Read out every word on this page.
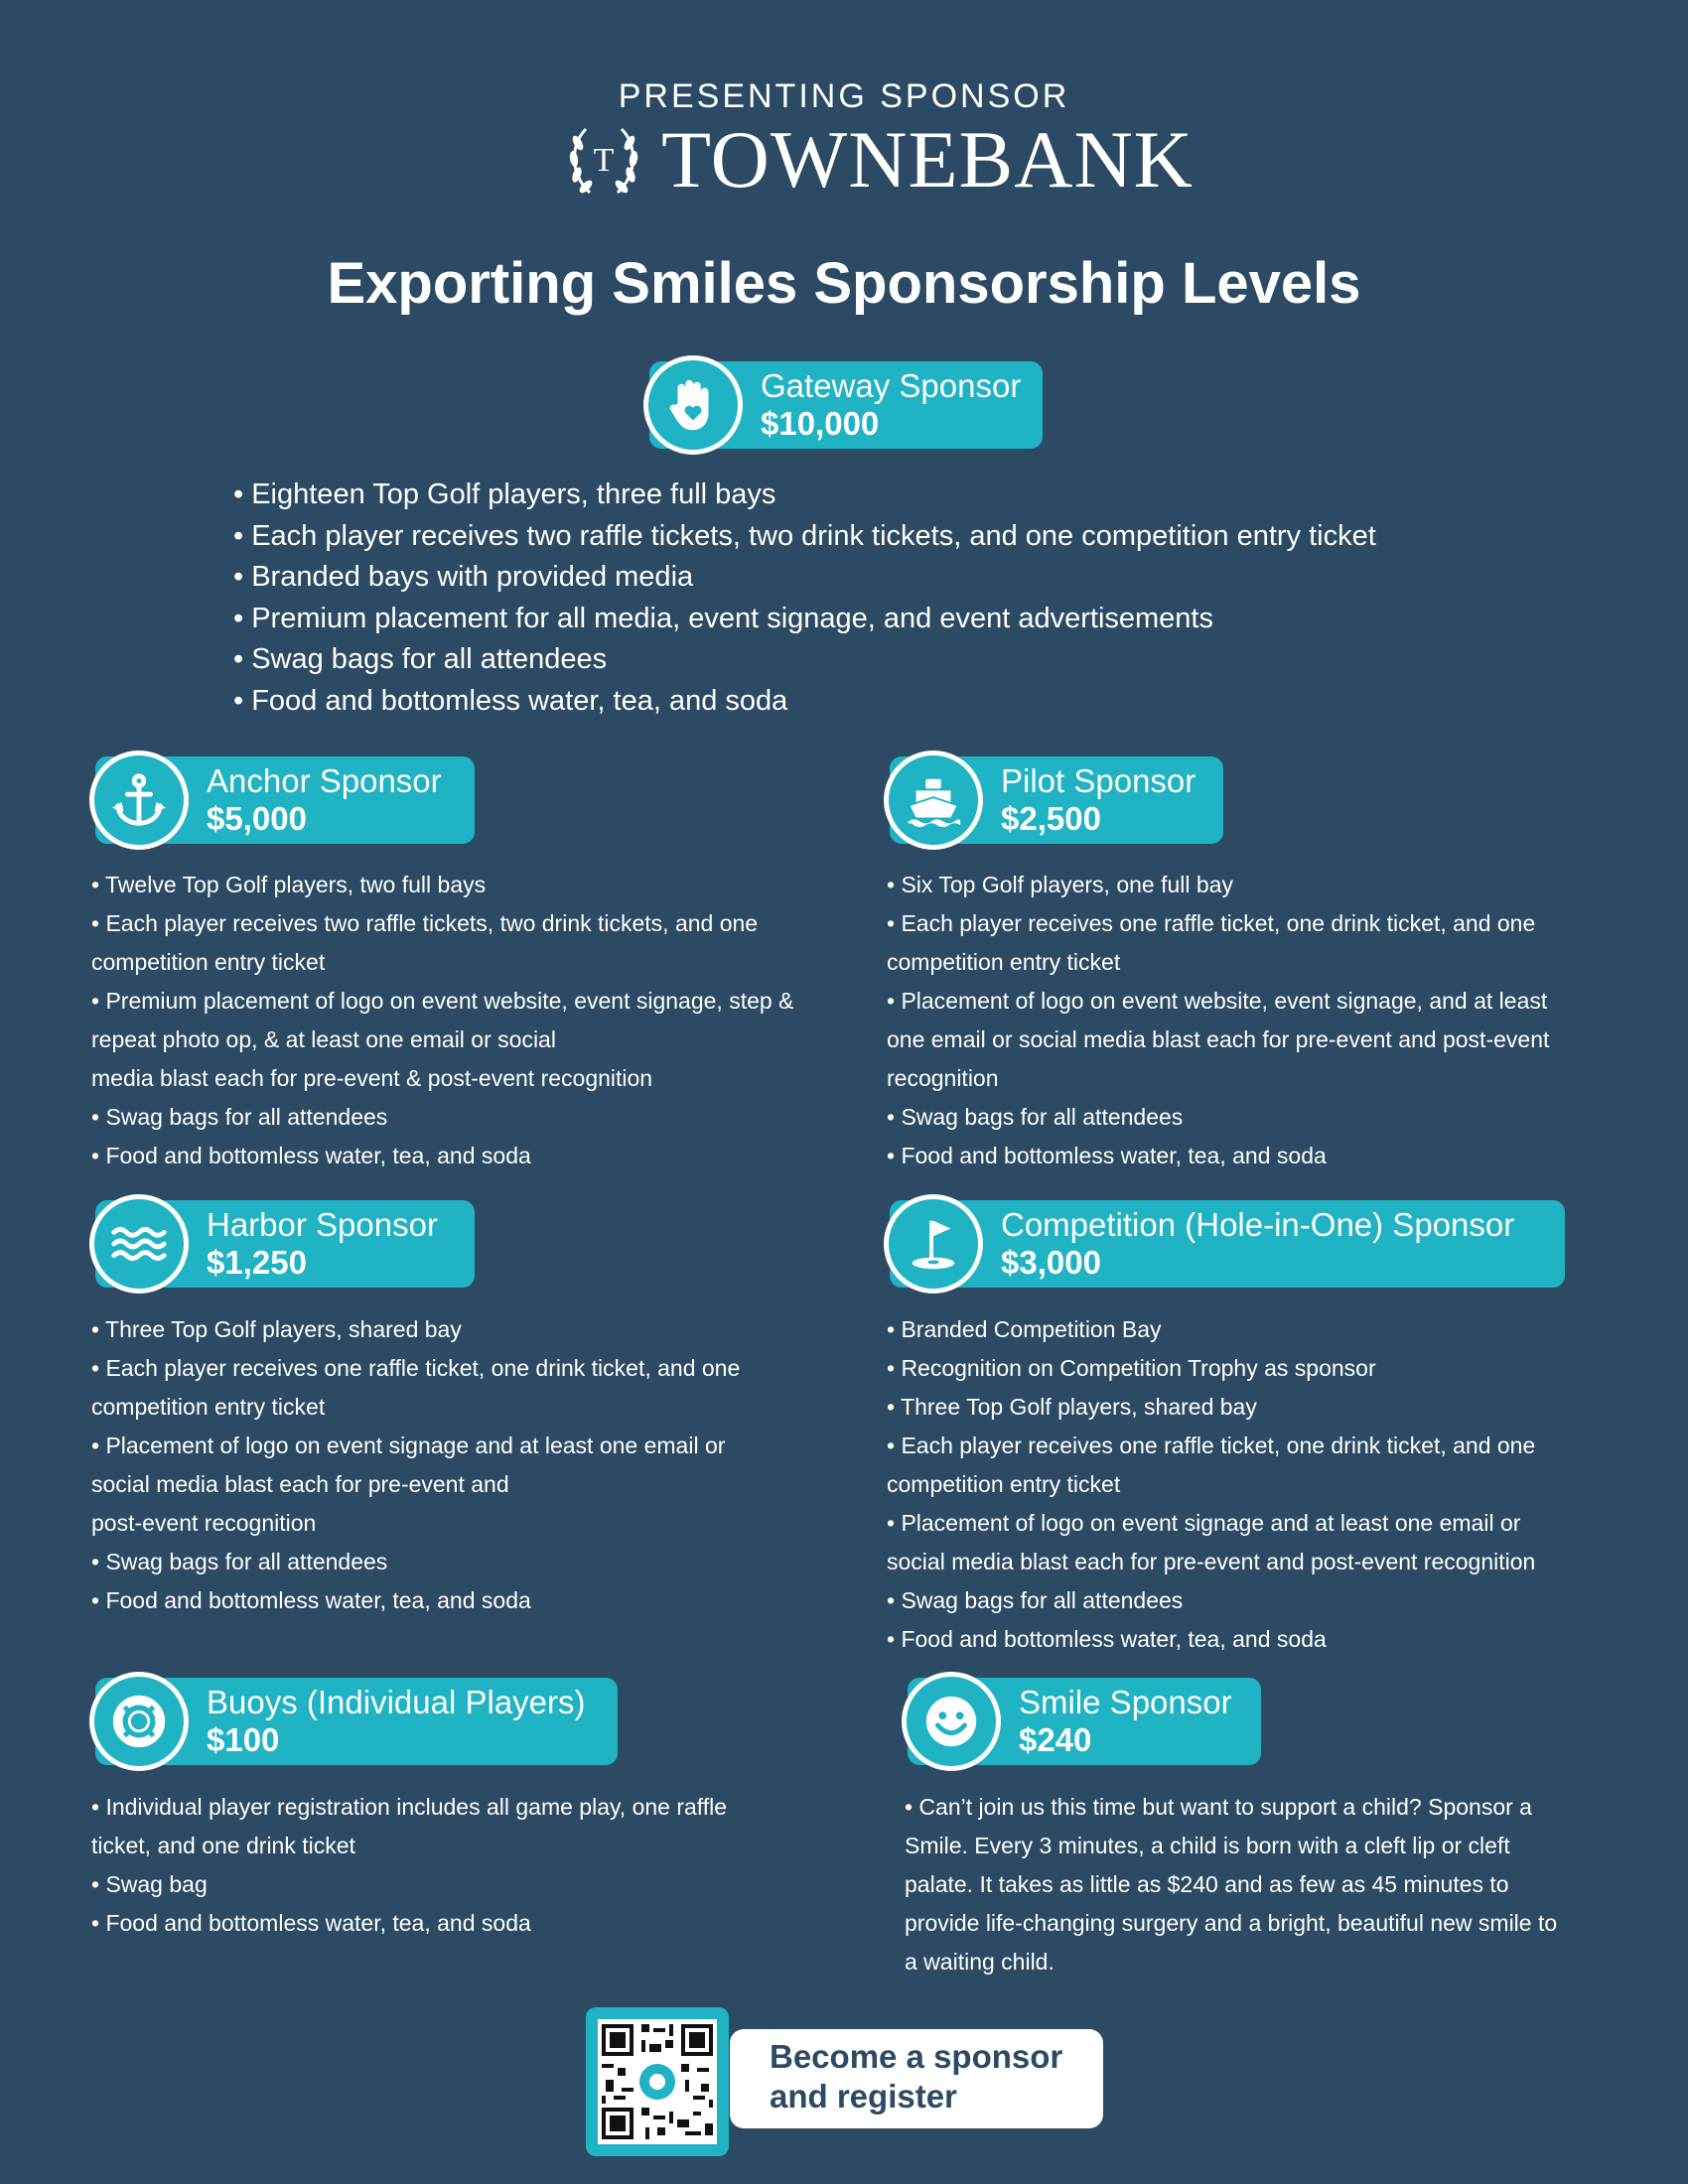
PRESENTING SPONSOR
T TOWNEBANK
Exporting Smiles Sponsorship Levels
Gateway Sponsor
$10,000
• Eighteen Top Golf players, three full bays
• Each player receives two raffle tickets, two drink tickets, and one competition entry ticket
• Branded bays with provided media
• Premium placement for all media, event signage, and event advertisements
• Swag bags for all attendees
• Food and bottomless water, tea, and soda
Anchor Sponsor
$5,000
• Twelve Top Golf players, two full bays
• Each player receives two raffle tickets, two drink tickets, and one
competition entry ticket
• Premium placement of logo on event website, event signage, step &
repeat photo op, & at least one email or social
media blast each for pre-event & post-event recognition
• Swag bags for all attendees
• Food and bottomless water, tea, and soda
Pilot Sponsor
$2,500
• Six Top Golf players, one full bay
• Each player receives one raffle ticket, one drink ticket, and one
competition entry ticket
• Placement of logo on event website, event signage, and at least
one email or social media blast each for pre-event and post-event
recognition
• Swag bags for all attendees
• Food and bottomless water, tea, and soda
Harbor Sponsor
$1,250
• Three Top Golf players, shared bay
• Each player receives one raffle ticket, one drink ticket, and one
competition entry ticket
• Placement of logo on event signage and at least one email or
social media blast each for pre-event and
post-event recognition
• Swag bags for all attendees
• Food and bottomless water, tea, and soda
Competition (Hole-in-One) Sponsor
$3,000
• Branded Competition Bay
• Recognition on Competition Trophy as sponsor
• Three Top Golf players, shared bay
• Each player receives one raffle ticket, one drink ticket, and one
competition entry ticket
• Placement of logo on event signage and at least one email or
social media blast each for pre-event and post-event recognition
• Swag bags for all attendees
• Food and bottomless water, tea, and soda
Buoys (Individual Players)
$100
• Individual player registration includes all game play, one raffle
ticket, and one drink ticket
• Swag bag
• Food and bottomless water, tea, and soda
Smile Sponsor
$240
• Can’t join us this time but want to support a child? Sponsor a
Smile. Every 3 minutes, a child is born with a cleft lip or cleft
palate. It takes as little as $240 and as few as 45 minutes to
provide life-changing surgery and a bright, beautiful new smile to
a waiting child.
Become a sponsor
and register
